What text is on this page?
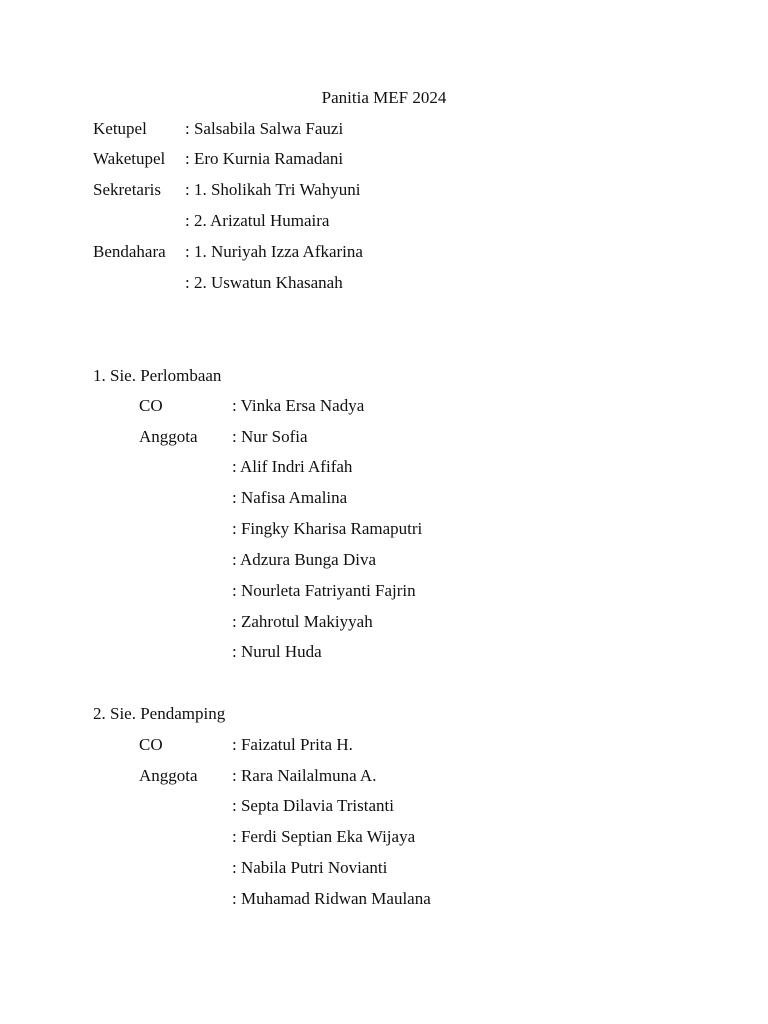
Panitia MEF 2024
Ketupel : Salsabila Salwa Fauzi
Waketupel : Ero Kurnia Ramadani
Sekretaris : 1. Sholikah Tri Wahyuni
: 2. Arizatul Humaira
Bendahara : 1. Nuriyah Izza Afkarina
: 2. Uswatun Khasanah
1. Sie. Perlombaan
CO	: Vinka Ersa Nadya
Anggota : Nur Sofia
: Alif Indri Afifah
: Nafisa Amalina
: Fingky Kharisa Ramaputri
: Adzura Bunga Diva
: Nourleta Fatriyanti Fajrin
: Zahrotul Makiyyah
: Nurul Huda
2. Sie. Pendamping
CO	: Faizatul Prita H.
Anggota : Rara Nailalmuna A.
: Septa Dilavia Tristanti
: Ferdi Septian Eka Wijaya
: Nabila Putri Novianti
: Muhamad Ridwan Maulana
